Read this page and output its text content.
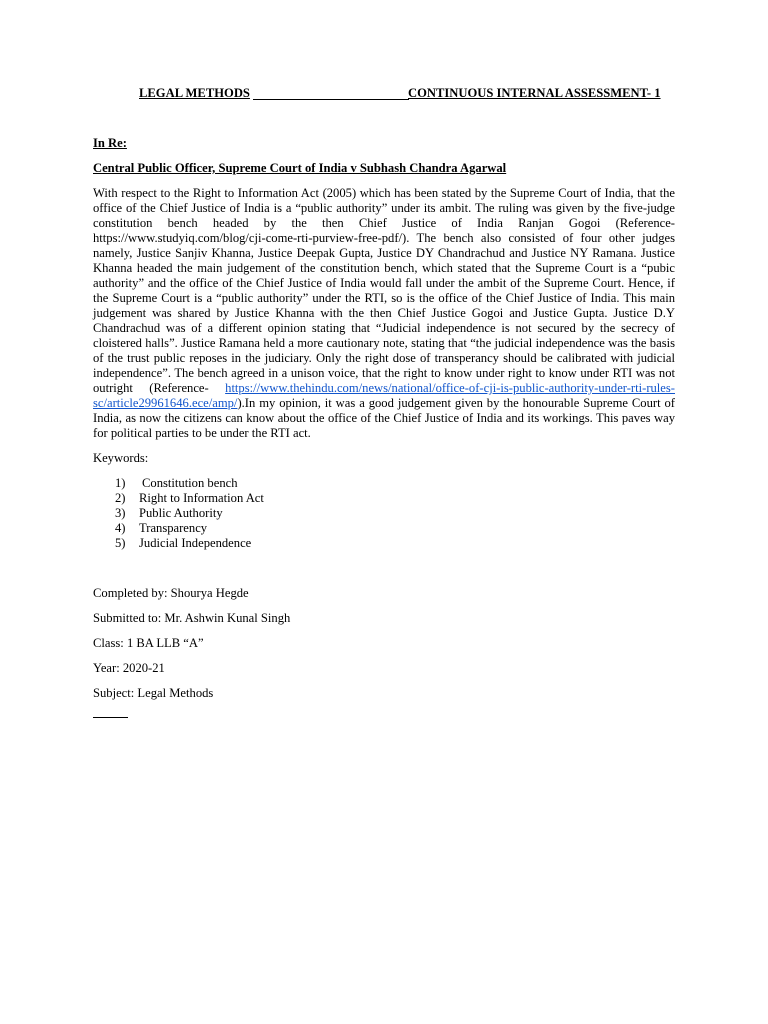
LEGAL METHODS	CONTINUOUS INTERNAL ASSESSMENT- 1
In Re:
Central Public Officer, Supreme Court of India v Subhash Chandra Agarwal
With respect to the Right to Information Act (2005) which has been stated by the Supreme Court of India, that the office of the Chief Justice of India is a “public authority” under its ambit. The ruling was given by the five-judge constitution bench headed by the then Chief Justice of India Ranjan Gogoi (Reference-https://www.studyiq.com/blog/cji-come-rti-purview-free-pdf/). The bench also consisted of four other judges namely, Justice Sanjiv Khanna, Justice Deepak Gupta, Justice DY Chandrachud and Justice NY Ramana. Justice Khanna headed the main judgement of the constitution bench, which stated that the Supreme Court is a “pubic authority” and the office of the Chief Justice of India would fall under the ambit of the Supreme Court. Hence, if the Supreme Court is a “public authority” under the RTI, so is the office of the Chief Justice of India. This main judgement was shared by Justice Khanna with the then Chief Justice Gogoi and Justice Gupta. Justice D.Y Chandrachud was of a different opinion stating that “Judicial independence is not secured by the secrecy of cloistered halls”. Justice Ramana held a more cautionary note, stating that “the judicial independence was the basis of the trust public reposes in the judiciary. Only the right dose of transperancy should be calibrated with judicial independence”. The bench agreed in a unison voice, that the right to know under right to know under RTI was not outright (Reference- https://www.thehindu.com/news/national/office-of-cji-is-public-authority-under-rti-rules-sc/article29961646.ece/amp/).In my opinion, it was a good judgement given by the honourable Supreme Court of India, as now the citizens can know about the office of the Chief Justice of India and its workings. This paves way for political parties to be under the RTI act.
Keywords:
1)	Constitution bench
2)	Right to Information Act
3)	Public Authority
4)	Transparency
5)	Judicial Independence
Completed by: Shourya Hegde
Submitted to: Mr. Ashwin Kunal Singh
Class: 1 BA LLB “A”
Year: 2020-21
Subject: Legal Methods
